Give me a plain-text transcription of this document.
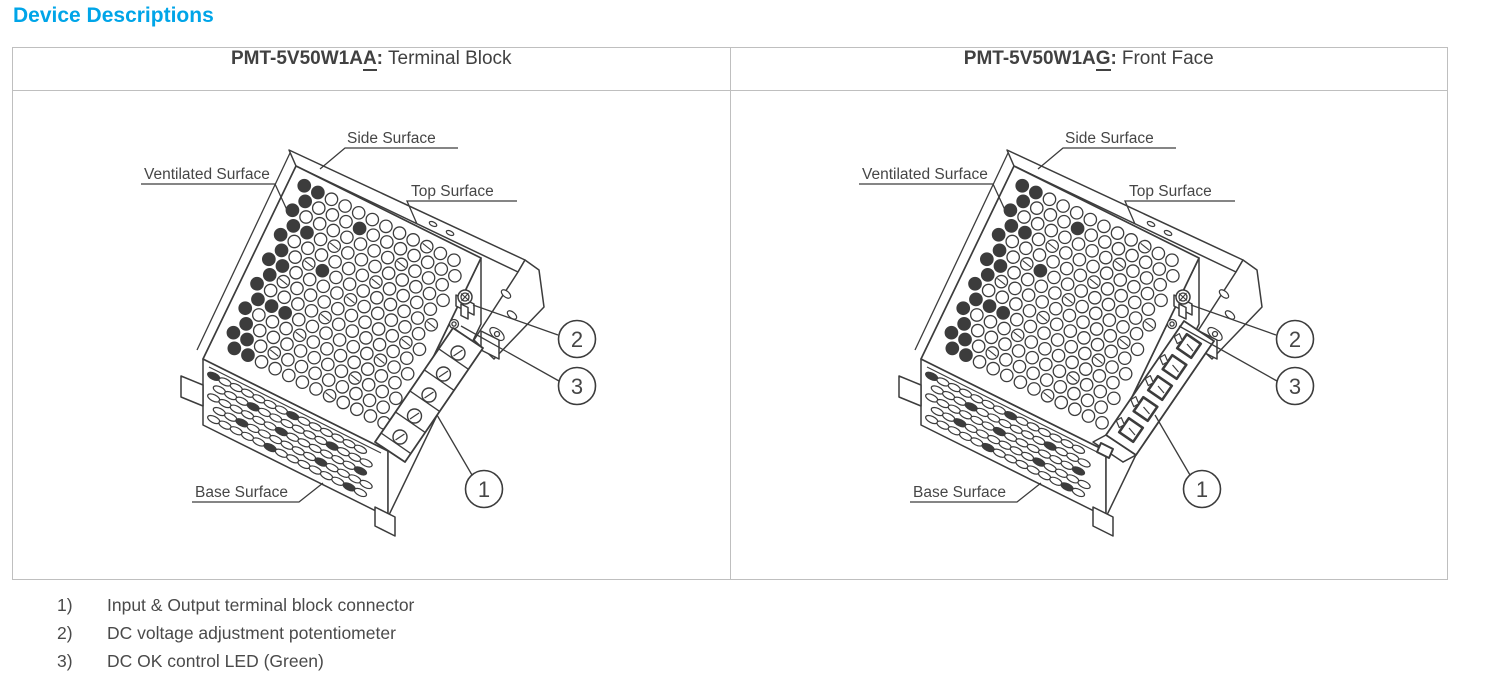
Device Descriptions
PMT-5V50W1AA: Terminal Block	PMT-5V50W1AG: Front Face

Side Surface
Ventilated Surface
Top Surface
Base Surface
2
3
1

Side Surface
Ventilated Surface
Top Surface
Base Surface
2
3
1
1)	Input & Output terminal block connector
2)	DC voltage adjustment potentiometer
3)	DC OK control LED (Green)
